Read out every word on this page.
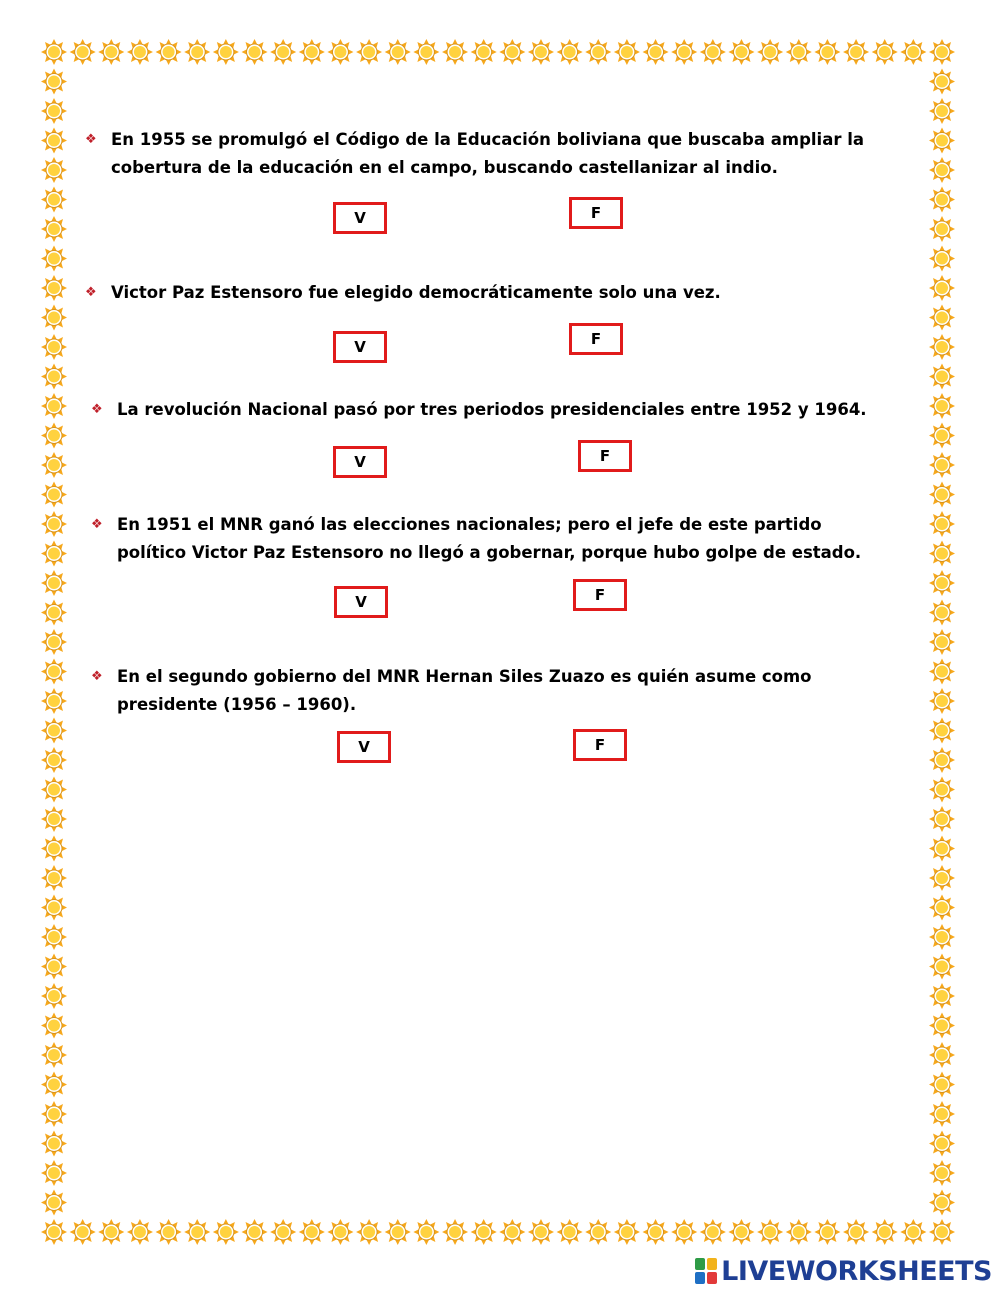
❖ En 1955 se promulgó el Código de la Educación boliviana que buscaba ampliar la
cobertura de la educación en el campo, buscando castellanizar al indio.
V	F
❖ Victor Paz Estensoro fue elegido democráticamente solo una vez.
V	F
❖ La revolución Nacional pasó por tres periodos presidenciales entre 1952 y 1964.
V	F
❖ En 1951 el MNR ganó las elecciones nacionales; pero el jefe de este partido
político Victor Paz Estensoro no llegó a gobernar, porque hubo golpe de estado.
V	F
❖ En el segundo gobierno del MNR Hernan Siles Zuazo es quién asume como
presidente (1956 – 1960).
V	F
LIVEWORKSHEETS
